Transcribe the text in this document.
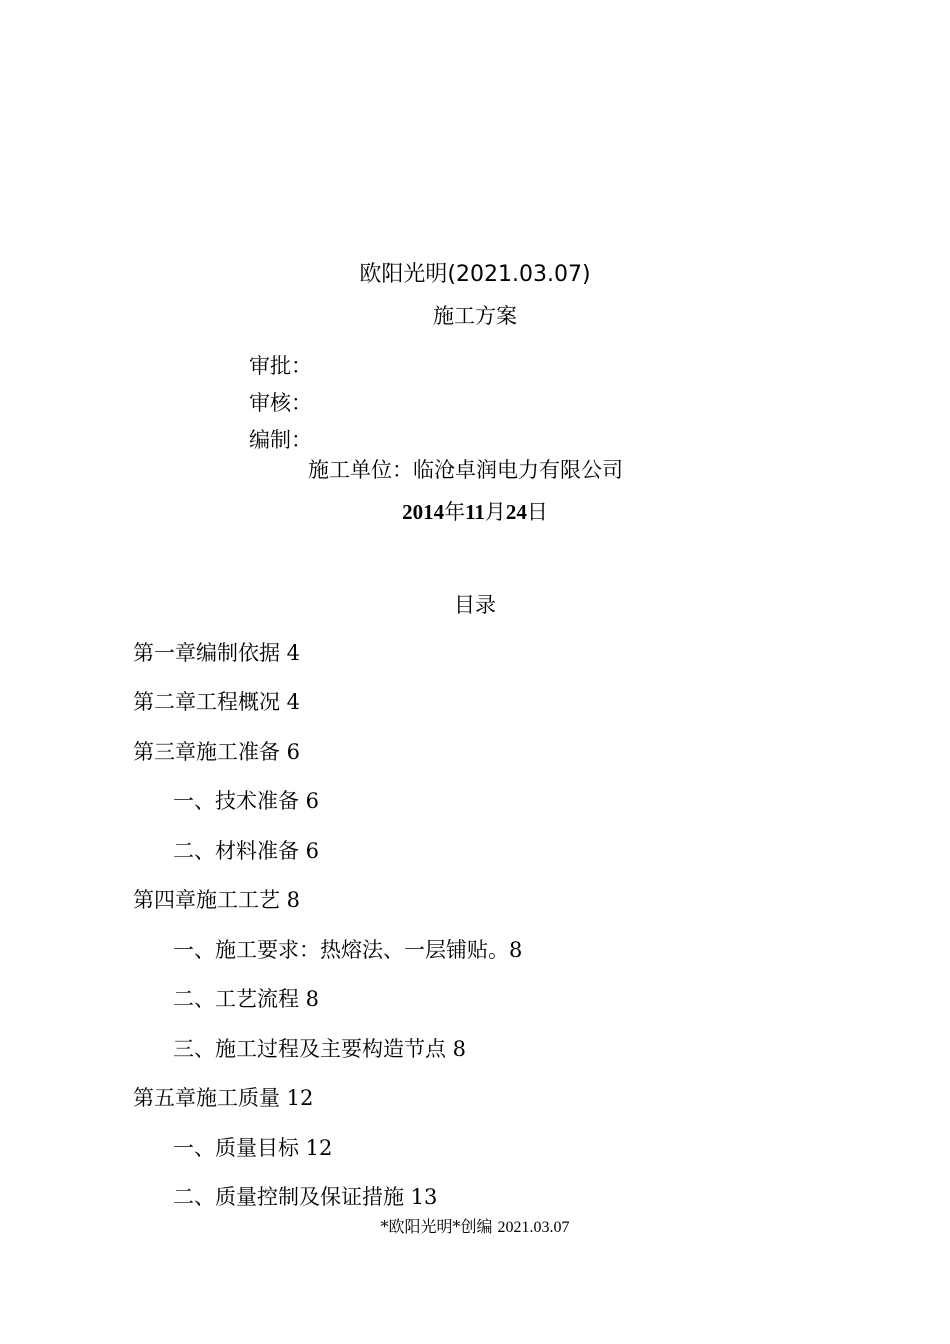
欧阳光明(2021.03.07)
施工方案
审批：
审核：
编制：
施工单位：临沧卓润电力有限公司
2014年11月24日
目录
第一章编制依据 4
第二章工程概况 4
第三章施工准备 6
一、技术准备 6
二、材料准备 6
第四章施工工艺 8
一、施工要求：热熔法、一层铺贴。8
二、工艺流程 8
三、施工过程及主要构造节点 8
第五章施工质量 12
一、质量目标 12
二、质量控制及保证措施 13
*欧阳光明*创编 2021.03.07
